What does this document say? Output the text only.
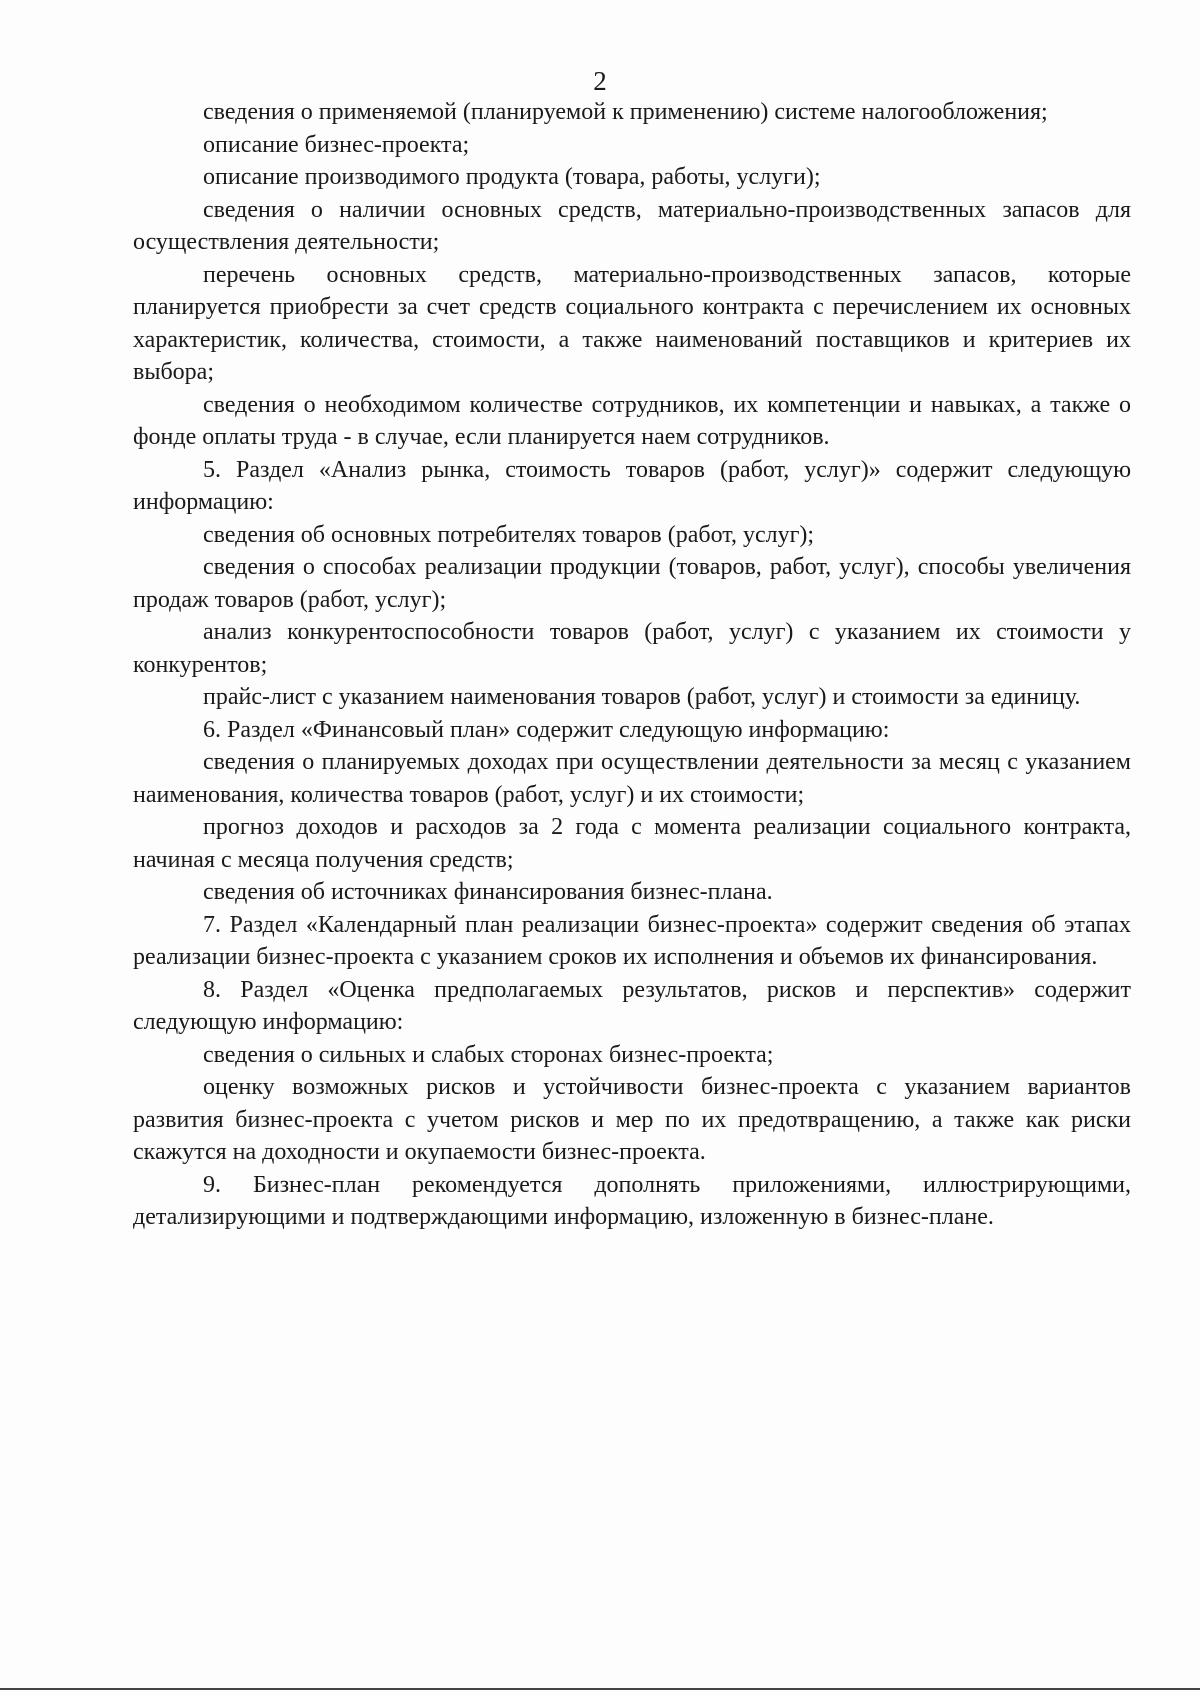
2

сведения о применяемой (планируемой к применению) системе налогообложения;

описание бизнес-проекта;

описание производимого продукта (товара, работы, услуги);

сведения о наличии основных средств, материально-производственных запасов для осуществления деятельности;

перечень основных средств, материально-производственных запасов, которые планируется приобрести за счет средств социального контракта с перечислением их основных характеристик, количества, стоимости, а также наименований поставщиков и критериев их выбора;

сведения о необходимом количестве сотрудников, их компетенции и навыках, а также о фонде оплаты труда - в случае, если планируется наем сотрудников.

5. Раздел «Анализ рынка, стоимость товаров (работ, услуг)» содержит следующую информацию:

сведения об основных потребителях товаров (работ, услуг);

сведения о способах реализации продукции (товаров, работ, услуг), способы увеличения продаж товаров (работ, услуг);

анализ конкурентоспособности товаров (работ, услуг) с указанием их стоимости у конкурентов;

прайс-лист с указанием наименования товаров (работ, услуг) и стоимости за единицу.

6. Раздел «Финансовый план» содержит следующую информацию:

сведения о планируемых доходах при осуществлении деятельности за месяц с указанием наименования, количества товаров (работ, услуг) и их стоимости;

прогноз доходов и расходов за 2 года с момента реализации социального контракта, начиная с месяца получения средств;

сведения об источниках финансирования бизнес-плана.

7. Раздел «Календарный план реализации бизнес-проекта» содержит сведения об этапах реализации бизнес-проекта с указанием сроков их исполнения и объемов их финансирования.

8. Раздел «Оценка предполагаемых результатов, рисков и перспектив» содержит следующую информацию:

сведения о сильных и слабых сторонах бизнес-проекта;

оценку возможных рисков и устойчивости бизнес-проекта с указанием вариантов развития бизнес-проекта с учетом рисков и мер по их предотвращению, а также как риски скажутся на доходности и окупаемости бизнес-проекта.

9. Бизнес-план рекомендуется дополнять приложениями, иллюстрирующими, детализирующими и подтверждающими информацию, изложенную в бизнес-плане.
